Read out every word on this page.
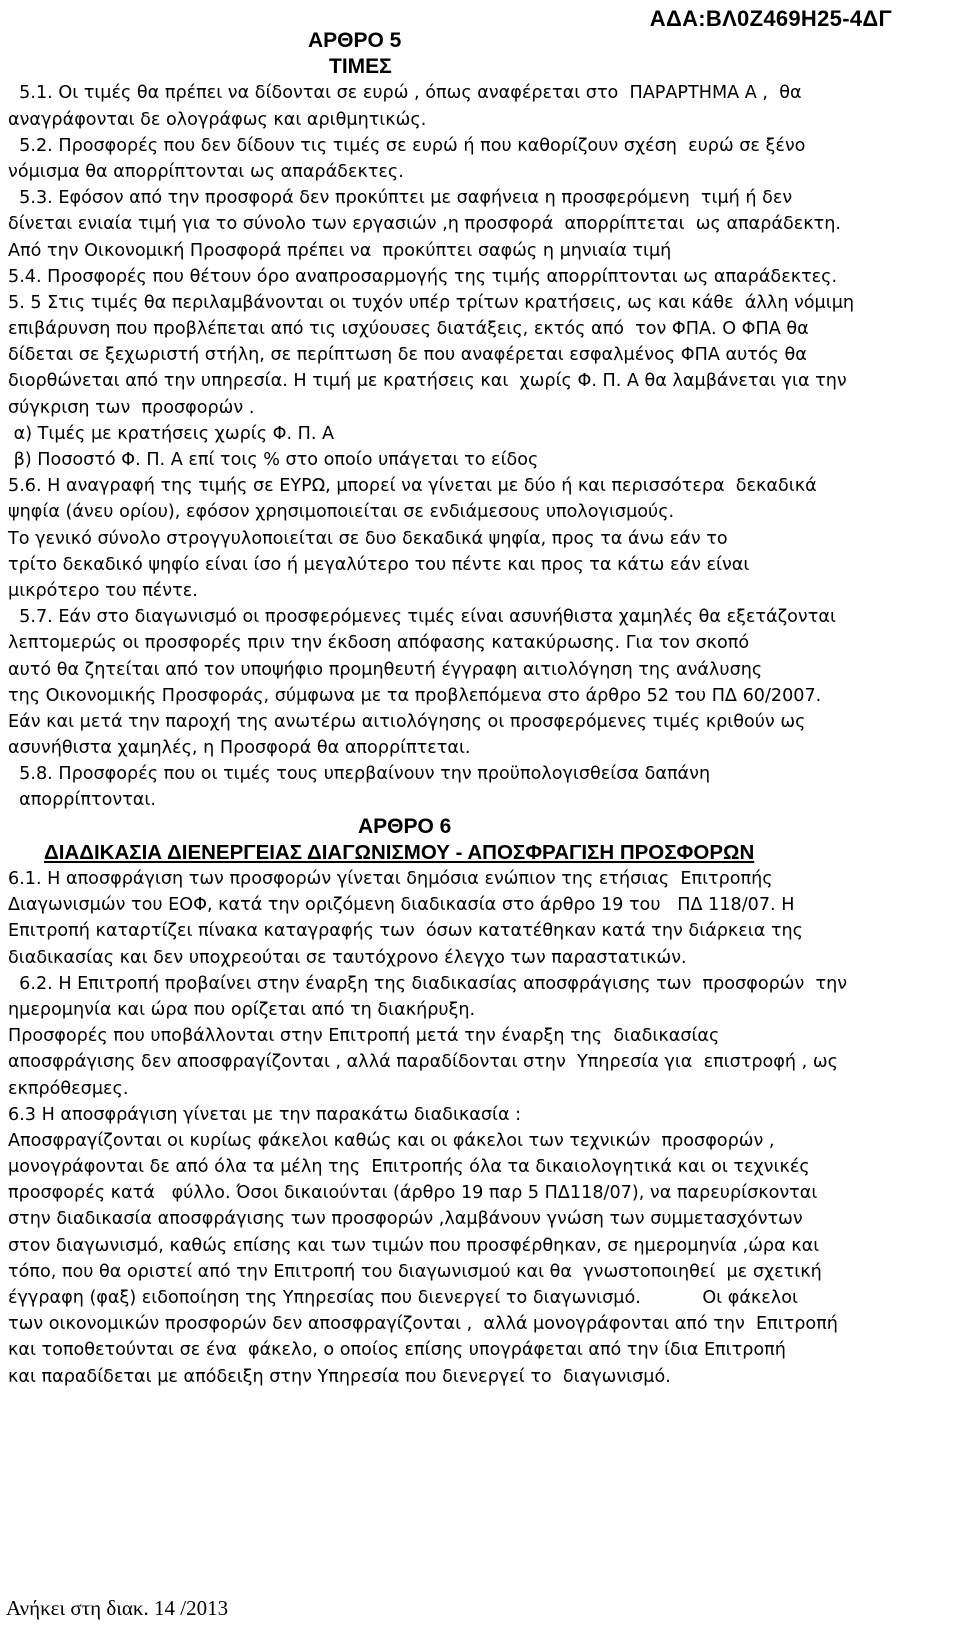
ΑΔΑ:ΒΛ0Ζ469Η25-4ΔΓ
ΑΡΘΡΟ 5
ΤΙΜΕΣ
5.1. Οι τιμές θα πρέπει να δίδονται σε ευρώ , όπως αναφέρεται στο  ΠΑΡΑΡΤΗΜΑ Α ,  θα
αναγράφονται δε ολογράφως και αριθμητικώς.
5.2. Προσφορές που δεν δίδουν τις τιμές σε ευρώ ή που καθορίζουν σχέση  ευρώ σε ξένο
νόμισμα θα απορρίπτονται ως απαράδεκτες.
5.3. Εφόσον από την προσφορά δεν προκύπτει με σαφήνεια η προσφερόμενη  τιμή ή δεν
δίνεται ενιαία τιμή για το σύνολο των εργασιών ,η προσφορά  απορρίπτεται  ως απαράδεκτη.
Από την Οικονομική Προσφορά πρέπει να  προκύπτει σαφώς η μηνιαία τιμή
5.4. Προσφορές που θέτουν όρο αναπροσαρμογής της τιμής απορρίπτονται ως απαράδεκτες.
5. 5 Στις τιμές θα περιλαμβάνονται οι τυχόν υπέρ τρίτων κρατήσεις, ως και κάθε  άλλη νόμιμη
επιβάρυνση που προβλέπεται από τις ισχύουσες διατάξεις, εκτός από  τον ΦΠΑ. Ο ΦΠΑ θα
δίδεται σε ξεχωριστή στήλη, σε περίπτωση δε που αναφέρεται εσφαλμένος ΦΠΑ αυτός θα
διορθώνεται από την υπηρεσία. Η τιμή με κρατήσεις και  χωρίς Φ. Π. Α θα λαμβάνεται για την
σύγκριση των  προσφορών .
α) Τιμές με κρατήσεις χωρίς Φ. Π. Α
β) Ποσοστό Φ. Π. Α επί τοις % στο οποίο υπάγεται το είδος
5.6. Η αναγραφή της τιμής σε ΕΥΡΩ, μπορεί να γίνεται με δύο ή και περισσότερα  δεκαδικά
ψηφία (άνευ ορίου), εφόσον χρησιμοποιείται σε ενδιάμεσους υπολογισμούς.
Το γενικό σύνολο στρογγυλοποιείται σε δυο δεκαδικά ψηφία, προς τα άνω εάν το
τρίτο δεκαδικό ψηφίο είναι ίσο ή μεγαλύτερο του πέντε και προς τα κάτω εάν είναι
μικρότερο του πέντε.
5.7. Εάν στο διαγωνισμό οι προσφερόμενες τιμές είναι ασυνήθιστα χαμηλές θα εξετάζονται
λεπτομερώς οι προσφορές πριν την έκδοση απόφασης κατακύρωσης. Για τον σκοπό
αυτό θα ζητείται από τον υποψήφιο προμηθευτή έγγραφη αιτιολόγηση της ανάλυσης
της Οικονομικής Προσφοράς, σύμφωνα με τα προβλεπόμενα στο άρθρο 52 του ΠΔ 60/2007.
Εάν και μετά την παροχή της ανωτέρω αιτιολόγησης οι προσφερόμενες τιμές κριθούν ως
ασυνήθιστα χαμηλές, η Προσφορά θα απορρίπτεται.
5.8. Προσφορές που οι τιμές τους υπερβαίνουν την προϋπολογισθείσα δαπάνη
απορρίπτονται.
ΑΡΘΡΟ 6
ΔΙΑΔΙΚΑΣΙΑ ΔΙΕΝΕΡΓΕΙΑΣ ΔΙΑΓΩΝΙΣΜΟΥ - ΑΠΟΣΦΡΑΓΙΣΗ ΠΡΟΣΦΟΡΩΝ
6.1. Η αποσφράγιση των προσφορών γίνεται δημόσια ενώπιον της ετήσιας  Επιτροπής
Διαγωνισμών του ΕΟΦ, κατά την οριζόμενη διαδικασία στο άρθρο 19 του   ΠΔ 118/07. Η
Επιτροπή καταρτίζει πίνακα καταγραφής των  όσων κατατέθηκαν κατά την διάρκεια της
διαδικασίας και δεν υποχρεούται σε ταυτόχρονο έλεγχο των παραστατικών.
6.2. Η Επιτροπή προβαίνει στην έναρξη της διαδικασίας αποσφράγισης των  προσφορών  την
ημερομηνία και ώρα που ορίζεται από τη διακήρυξη.
Προσφορές που υποβάλλονται στην Επιτροπή μετά την έναρξη της  διαδικασίας
αποσφράγισης δεν αποσφραγίζονται , αλλά παραδίδονται στην  Υπηρεσία για  επιστροφή , ως
εκπρόθεσμες.
6.3 Η αποσφράγιση γίνεται με την παρακάτω διαδικασία :
Αποσφραγίζονται οι κυρίως φάκελοι καθώς και οι φάκελοι των τεχνικών  προσφορών ,
μονογράφονται δε από όλα τα μέλη της  Επιτροπής όλα τα δικαιολογητικά και οι τεχνικές
προσφορές κατά   φύλλο. Όσοι δικαιούνται (άρθρο 19 παρ 5 ΠΔ118/07), να παρευρίσκονται
στην διαδικασία αποσφράγισης των προσφορών ,λαμβάνουν γνώση των συμμετασχόντων
στον διαγωνισμό, καθώς επίσης και των τιμών που προσφέρθηκαν, σε ημερομηνία ,ώρα και
τόπο, που θα οριστεί από την Επιτροπή του διαγωνισμού και θα  γνωστοποιηθεί  με σχετική
έγγραφη (φαξ) ειδοποίηση της Υπηρεσίας που διενεργεί το διαγωνισμό.           Οι φάκελοι
των οικονομικών προσφορών δεν αποσφραγίζονται ,  αλλά μονογράφονται από την  Επιτροπή
και τοποθετούνται σε ένα  φάκελο, ο οποίος επίσης υπογράφεται από την ίδια Επιτροπή
και παραδίδεται με απόδειξη στην Υπηρεσία που διενεργεί το  διαγωνισμό.
Ανήκει στη διακ. 14 /2013
